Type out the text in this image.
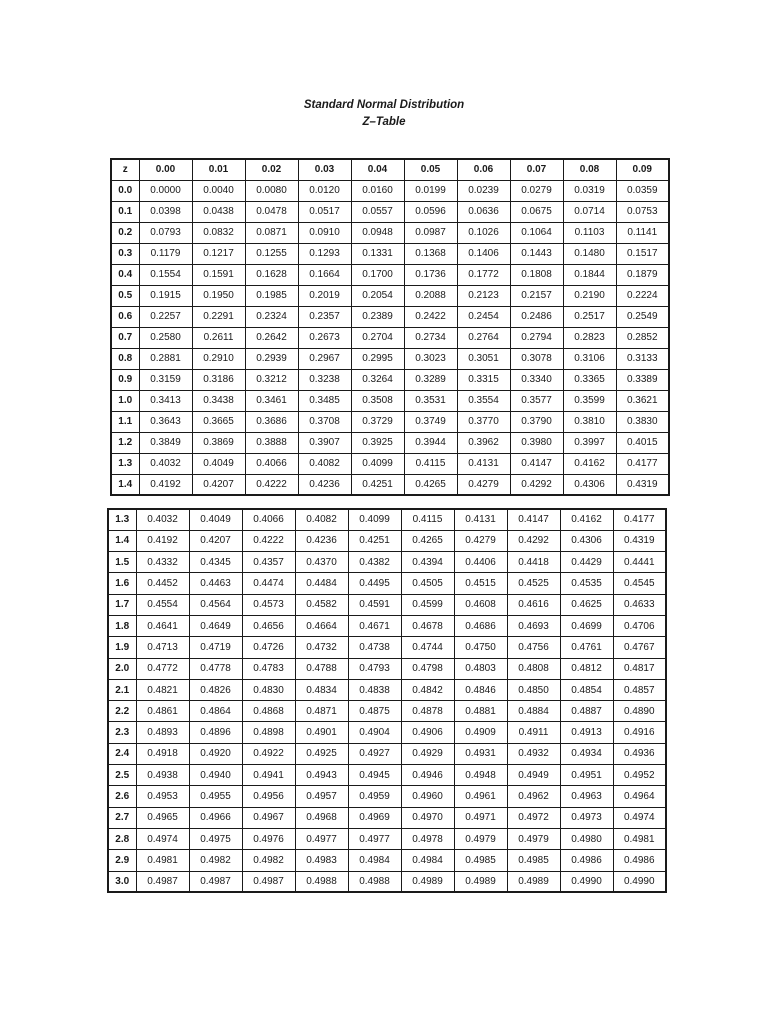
Standard Normal Distribution
Z–Table
z	0.00	0.01	0.02	0.03	0.04	0.05	0.06	0.07	0.08	0.09
0.0	0.0000	0.0040	0.0080	0.0120	0.0160	0.0199	0.0239	0.0279	0.0319	0.0359
0.1	0.0398	0.0438	0.0478	0.0517	0.0557	0.0596	0.0636	0.0675	0.0714	0.0753
0.2	0.0793	0.0832	0.0871	0.0910	0.0948	0.0987	0.1026	0.1064	0.1103	0.1141
0.3	0.1179	0.1217	0.1255	0.1293	0.1331	0.1368	0.1406	0.1443	0.1480	0.1517
0.4	0.1554	0.1591	0.1628	0.1664	0.1700	0.1736	0.1772	0.1808	0.1844	0.1879
0.5	0.1915	0.1950	0.1985	0.2019	0.2054	0.2088	0.2123	0.2157	0.2190	0.2224
0.6	0.2257	0.2291	0.2324	0.2357	0.2389	0.2422	0.2454	0.2486	0.2517	0.2549
0.7	0.2580	0.2611	0.2642	0.2673	0.2704	0.2734	0.2764	0.2794	0.2823	0.2852
0.8	0.2881	0.2910	0.2939	0.2967	0.2995	0.3023	0.3051	0.3078	0.3106	0.3133
0.9	0.3159	0.3186	0.3212	0.3238	0.3264	0.3289	0.3315	0.3340	0.3365	0.3389
1.0	0.3413	0.3438	0.3461	0.3485	0.3508	0.3531	0.3554	0.3577	0.3599	0.3621
1.1	0.3643	0.3665	0.3686	0.3708	0.3729	0.3749	0.3770	0.3790	0.3810	0.3830
1.2	0.3849	0.3869	0.3888	0.3907	0.3925	0.3944	0.3962	0.3980	0.3997	0.4015
1.3	0.4032	0.4049	0.4066	0.4082	0.4099	0.4115	0.4131	0.4147	0.4162	0.4177
1.4	0.4192	0.4207	0.4222	0.4236	0.4251	0.4265	0.4279	0.4292	0.4306	0.4319
1.3	0.4032	0.4049	0.4066	0.4082	0.4099	0.4115	0.4131	0.4147	0.4162	0.4177
1.4	0.4192	0.4207	0.4222	0.4236	0.4251	0.4265	0.4279	0.4292	0.4306	0.4319
1.5	0.4332	0.4345	0.4357	0.4370	0.4382	0.4394	0.4406	0.4418	0.4429	0.4441
1.6	0.4452	0.4463	0.4474	0.4484	0.4495	0.4505	0.4515	0.4525	0.4535	0.4545
1.7	0.4554	0.4564	0.4573	0.4582	0.4591	0.4599	0.4608	0.4616	0.4625	0.4633
1.8	0.4641	0.4649	0.4656	0.4664	0.4671	0.4678	0.4686	0.4693	0.4699	0.4706
1.9	0.4713	0.4719	0.4726	0.4732	0.4738	0.4744	0.4750	0.4756	0.4761	0.4767
2.0	0.4772	0.4778	0.4783	0.4788	0.4793	0.4798	0.4803	0.4808	0.4812	0.4817
2.1	0.4821	0.4826	0.4830	0.4834	0.4838	0.4842	0.4846	0.4850	0.4854	0.4857
2.2	0.4861	0.4864	0.4868	0.4871	0.4875	0.4878	0.4881	0.4884	0.4887	0.4890
2.3	0.4893	0.4896	0.4898	0.4901	0.4904	0.4906	0.4909	0.4911	0.4913	0.4916
2.4	0.4918	0.4920	0.4922	0.4925	0.4927	0.4929	0.4931	0.4932	0.4934	0.4936
2.5	0.4938	0.4940	0.4941	0.4943	0.4945	0.4946	0.4948	0.4949	0.4951	0.4952
2.6	0.4953	0.4955	0.4956	0.4957	0.4959	0.4960	0.4961	0.4962	0.4963	0.4964
2.7	0.4965	0.4966	0.4967	0.4968	0.4969	0.4970	0.4971	0.4972	0.4973	0.4974
2.8	0.4974	0.4975	0.4976	0.4977	0.4977	0.4978	0.4979	0.4979	0.4980	0.4981
2.9	0.4981	0.4982	0.4982	0.4983	0.4984	0.4984	0.4985	0.4985	0.4986	0.4986
3.0	0.4987	0.4987	0.4987	0.4988	0.4988	0.4989	0.4989	0.4989	0.4990	0.4990
